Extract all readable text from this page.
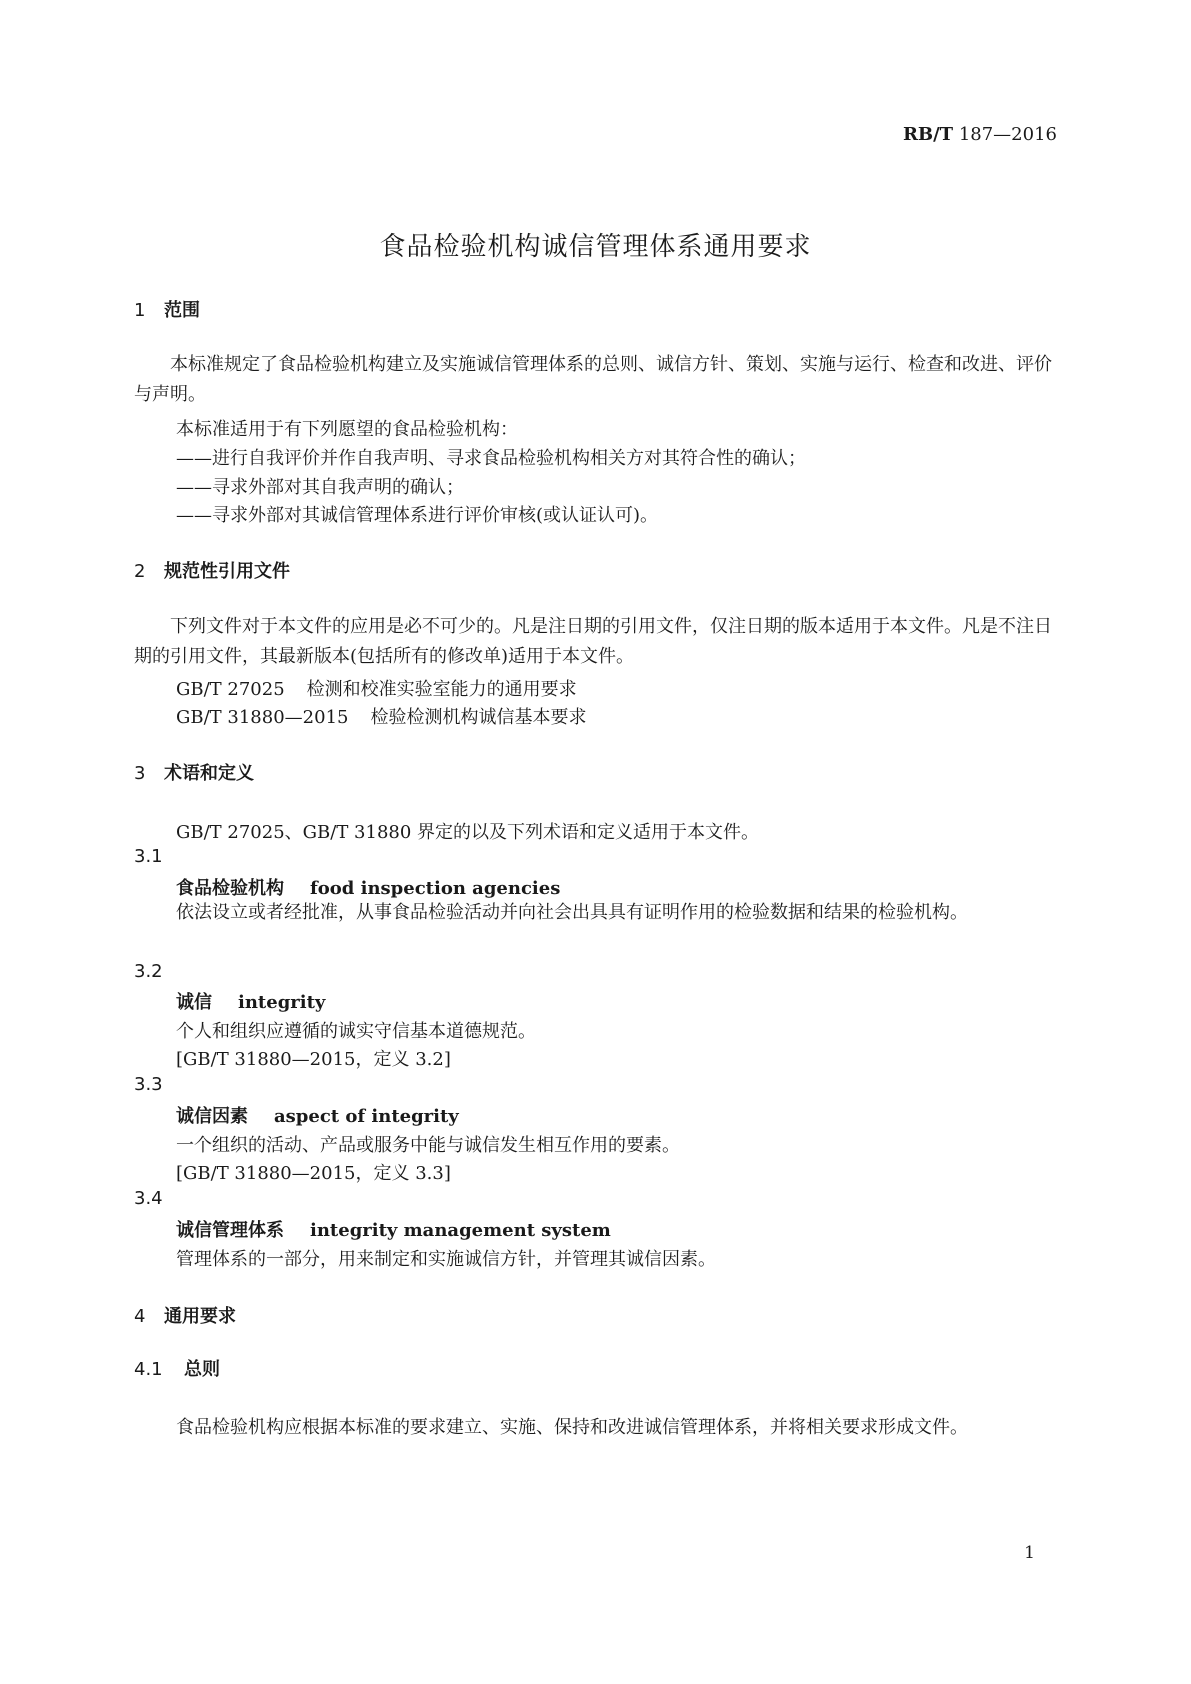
RB/T 187—2016
食品检验机构诚信管理体系通用要求
1 范围
本标准规定了食品检验机构建立及实施诚信管理体系的总则、诚信方针、策划、实施与运行、检查和改进、评价与声明。
本标准适用于有下列愿望的食品检验机构：
——进行自我评价并作自我声明、寻求食品检验机构相关方对其符合性的确认；
——寻求外部对其自我声明的确认；
——寻求外部对其诚信管理体系进行评价审核(或认证认可)。
2 规范性引用文件
下列文件对于本文件的应用是必不可少的。凡是注日期的引用文件，仅注日期的版本适用于本文件。凡是不注日期的引用文件，其最新版本(包括所有的修改单)适用于本文件。
GB/T 27025 检测和校准实验室能力的通用要求
GB/T 31880—2015 检验检测机构诚信基本要求
3 术语和定义
GB/T 27025、GB/T 31880 界定的以及下列术语和定义适用于本文件。
3.1
食品检验机构 food inspection agencies
依法设立或者经批准，从事食品检验活动并向社会出具具有证明作用的检验数据和结果的检验机构。
3.2
诚信 integrity
个人和组织应遵循的诚实守信基本道德规范。
[GB/T 31880—2015，定义 3.2]
3.3
诚信因素 aspect of integrity
一个组织的活动、产品或服务中能与诚信发生相互作用的要素。
[GB/T 31880—2015，定义 3.3]
3.4
诚信管理体系 integrity management system
管理体系的一部分，用来制定和实施诚信方针，并管理其诚信因素。
4 通用要求
4.1 总则
食品检验机构应根据本标准的要求建立、实施、保持和改进诚信管理体系，并将相关要求形成文件。
1
